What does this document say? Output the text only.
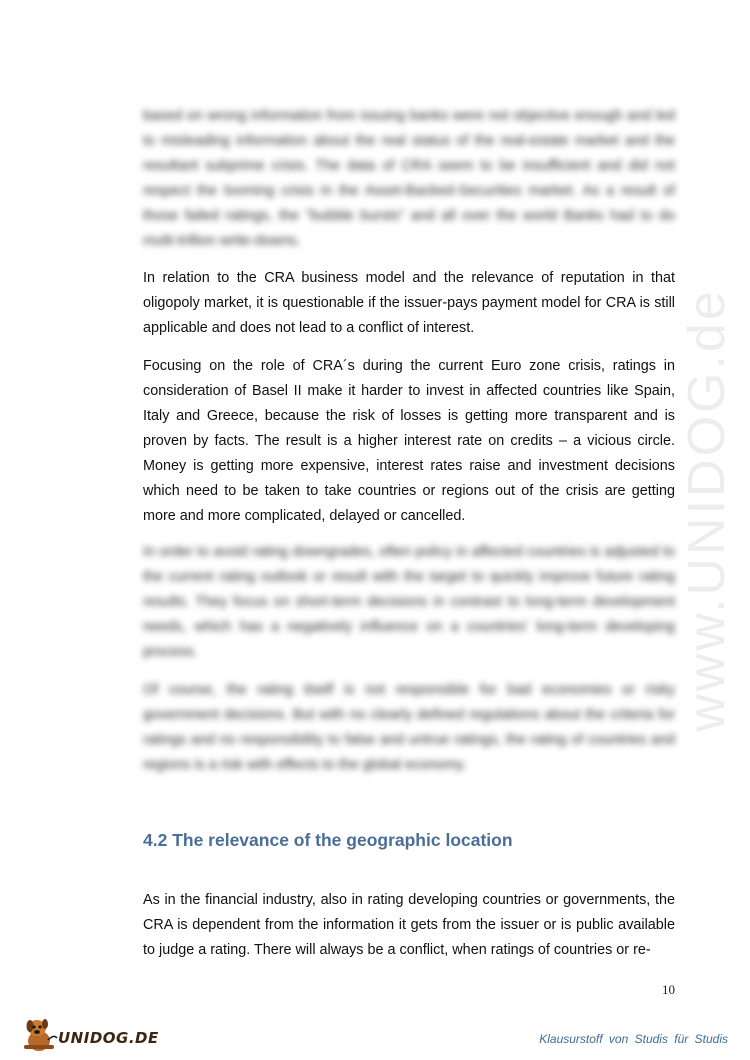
www.UNIDOG.de

based on wrong information from issuing banks were not objective enough and led to misleading information about the real status of the real-estate market and the resultant subprime crisis. The data of CRA seem to be insufficient and did not respect the looming crisis in the Asset-Backed-Securities market. As a result of those failed ratings, the "bubble bursts" and all over the world Banks had to do multi-trillion write-downs.

In relation to the CRA business model and the relevance of reputation in that oligopoly market, it is questionable if the issuer-pays payment model for CRA is still applicable and does not lead to a conflict of interest.

Focusing on the role of CRA´s during the current Euro zone crisis, ratings in consideration of Basel II make it harder to invest in affected countries like Spain, Italy and Greece, because the risk of losses is getting more transparent and is proven by facts. The result is a higher interest rate on credits – a vicious circle. Money is getting more expensive, interest rates raise and investment decisions which need to be taken to take countries or regions out of the crisis are getting more and more complicated, delayed or cancelled.

In order to avoid rating downgrades, often policy in affected countries is adjusted to the current rating outlook or result with the target to quickly improve future rating results. They focus on short-term decisions in contrast to long-term development needs, which has a negatively influence on a countries' long-term developing process.

Of course, the rating itself is not responsible for bad economies or risky government decisions. But with no clearly defined regulations about the criteria for ratings and no responsibility to false and untrue ratings, the rating of countries and regions is a risk with effects to the global economy.

4.2 The relevance of the geographic location

As in the financial industry, also in rating developing countries or governments, the CRA is dependent from the information it gets from the issuer or is public available to judge a rating. There will always be a conflict, when ratings of countries or re-

10
UNIDOG.DE	Klausurstoff von Studis für Studis
